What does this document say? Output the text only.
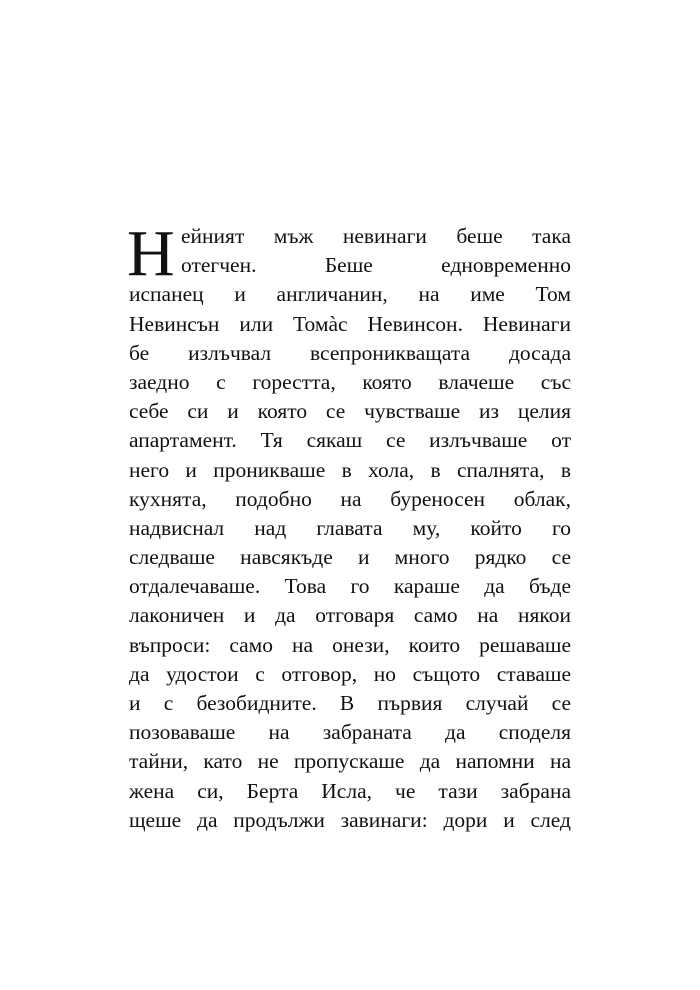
Н ейният мъж невинаги беше така
отегчен. Беше едновременно
испанец и англичанин, на име Том
Невинсън или Томàс Невинсон. Невинаги
бе излъчвал всепроникващата досада
заедно с горестта, която влачеше със
себе си и която се чувстваше из целия
апартамент. Тя сякаш се излъчваше от
него и проникваше в хола, в спалнята, в
кухнята, подобно на буреносен облак,
надвиснал над главата му, който го
следваше навсякъде и много рядко се
отдалечаваше. Това го караше да бъде
лаконичен и да отговаря само на някои
въпроси: само на онези, които решаваше
да удостои с отговор, но същото ставаше
и с безобидните. В първия случай се
позоваваше на забраната да споделя
тайни, като не пропускаше да напомни на
жена си, Берта Исла, че тази забрана
щеше да продължи завинаги: дори и след
